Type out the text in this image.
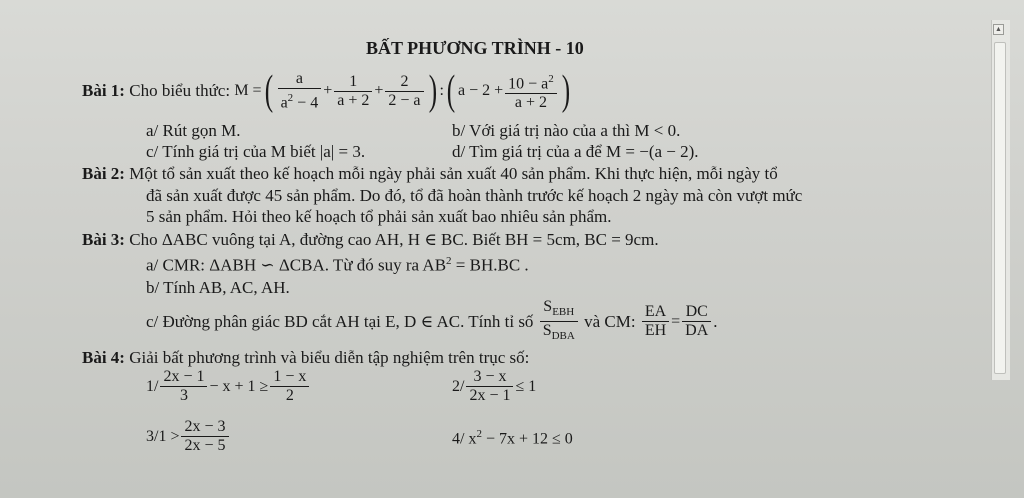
BẤT PHƯƠNG TRÌNH - 10
Bài 1:
Cho biểu thức:
M = ( $\frac{a}{a^2 - 4} + \frac{1}{a + 2} + \frac{2}{2 - a}$ ) : ( $a - 2 + \frac{10 - a^2}{a + 2}$ )
a/ Rút gọn M.	b/ Với giá trị nào của a thì M < 0.
c/ Tính giá trị của M biết |a| = 3.	d/ Tìm giá trị của a để M = −(a − 2).
Bài 2: Một tổ sản xuất theo kế hoạch mỗi ngày phải sản xuất 40 sản phẩm. Khi thực hiện, mỗi ngày tổ
đã sản xuất được 45 sản phẩm. Do đó, tổ đã hoàn thành trước kế hoạch 2 ngày mà còn vượt mức
5 sản phẩm. Hỏi theo kế hoạch tổ phải sản xuất bao nhiêu sản phẩm.
Bài 3: Cho ΔABC vuông tại A, đường cao AH, H ∈ BC. Biết BH = 5cm, BC = 9cm.
a/ CMR: ΔABH ∽ ΔCBA. Từ đó suy ra $AB^2 = BH.BC$ .
b/ Tính AB, AC, AH.
c/ Đường phân giác BD cắt AH tại E, D ∈ AC. Tính tỉ số
$\frac{S_{EBH}}{S_{DBA}}$
và CM:
$\frac{EA}{EH} = \frac{DC}{DA}$ .
Bài 4: Giải bất phương trình và biểu diễn tập nghiệm trên trục số:
$1/ \frac{2x - 1}{3} - x + 1 \ge \frac{1 - x}{2}$	$2/ \frac{3 - x}{2x - 1} \le 1$
3/ $1 > \frac{2x - 3}{2x - 5}$	4/ $x^2 - 7x + 12 \le 0$
▲
